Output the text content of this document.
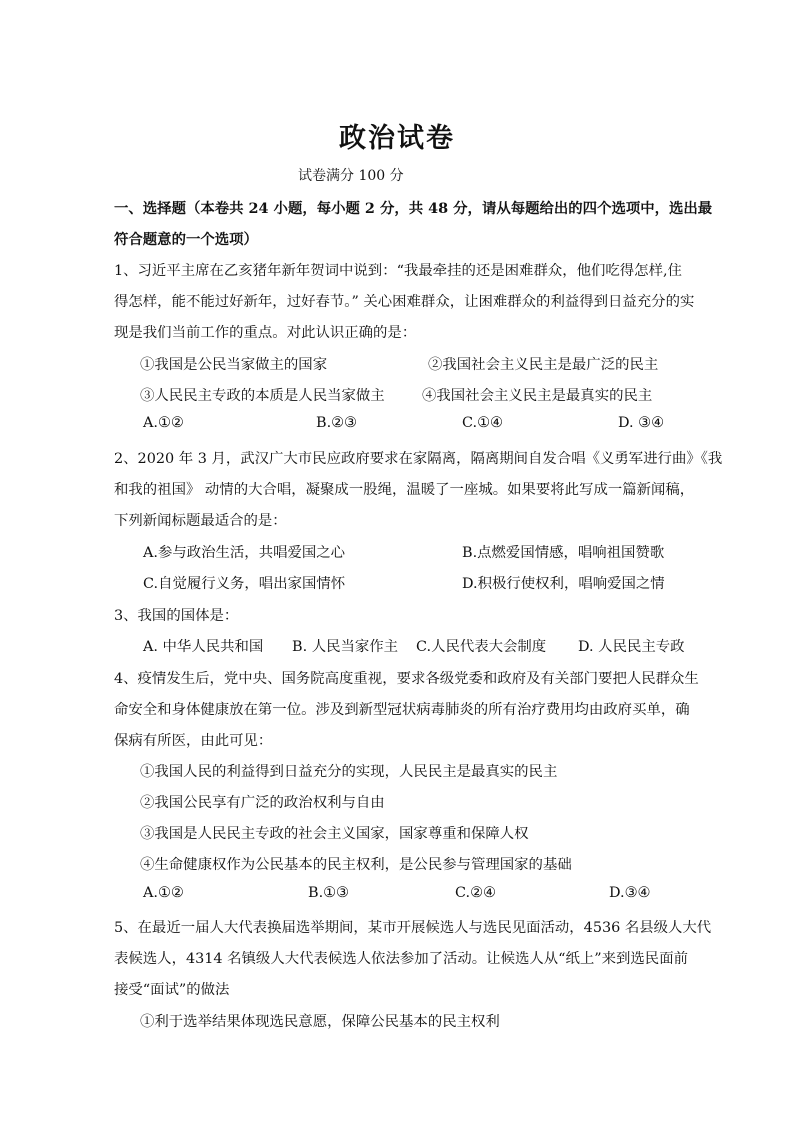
政治试卷
试卷满分 100 分
一、选择题（本卷共 24 小题，每小题 2 分，共 48 分，请从每题给出的四个选项中，选出最
符合题意的一个选项）
1、习近平主席在乙亥猪年新年贺词中说到：“我最牵挂的还是困难群众，他们吃得怎样,住
得怎样，能不能过好新年，过好春节。” 关心困难群众，让困难群众的利益得到日益充分的实
现是我们当前工作的重点。对此认识正确的是：
①我国是公民当家做主的国家	②我国社会主义民主是最广泛的民主
③人民民主专政的本质是人民当家做主	④我国社会主义民主是最真实的民主
A.①②	B.②③	C.①④	D. ③④
2、2020 年 3 月，武汉广大市民应政府要求在家隔离，隔离期间自发合唱《义勇军进行曲》《我
和我的祖国》 动情的大合唱，凝聚成一股绳，温暖了一座城。如果要将此写成一篇新闻稿，
下列新闻标题最适合的是：
A.参与政治生活，共唱爱国之心	B.点燃爱国情感，唱响祖国赞歌
C.自觉履行义务，唱出家国情怀	D.积极行使权利，唱响爱国之情
3、我国的国体是：
A. 中华人民共和国 B. 人民当家作主 C.人民代表大会制度 D. 人民民主专政
4、疫情发生后，党中央、国务院高度重视，要求各级党委和政府及有关部门要把人民群众生
命安全和身体健康放在第一位。涉及到新型冠状病毒肺炎的所有治疗费用均由政府买单，确
保病有所医，由此可见：
①我国人民的利益得到日益充分的实现，人民民主是最真实的民主
②我国公民享有广泛的政治权利与自由
③我国是人民民主专政的社会主义国家，国家尊重和保障人权
④生命健康权作为公民基本的民主权利，是公民参与管理国家的基础
A.①②	B.①③	C.②④	D.③④
5、在最近一届人大代表换届选举期间，某市开展候选人与选民见面活动，4536 名县级人大代
表候选人，4314 名镇级人大代表候选人依法参加了活动。让候选人从“纸上”来到选民面前
接受“面试”的做法
①利于选举结果体现选民意愿，保障公民基本的民主权利
